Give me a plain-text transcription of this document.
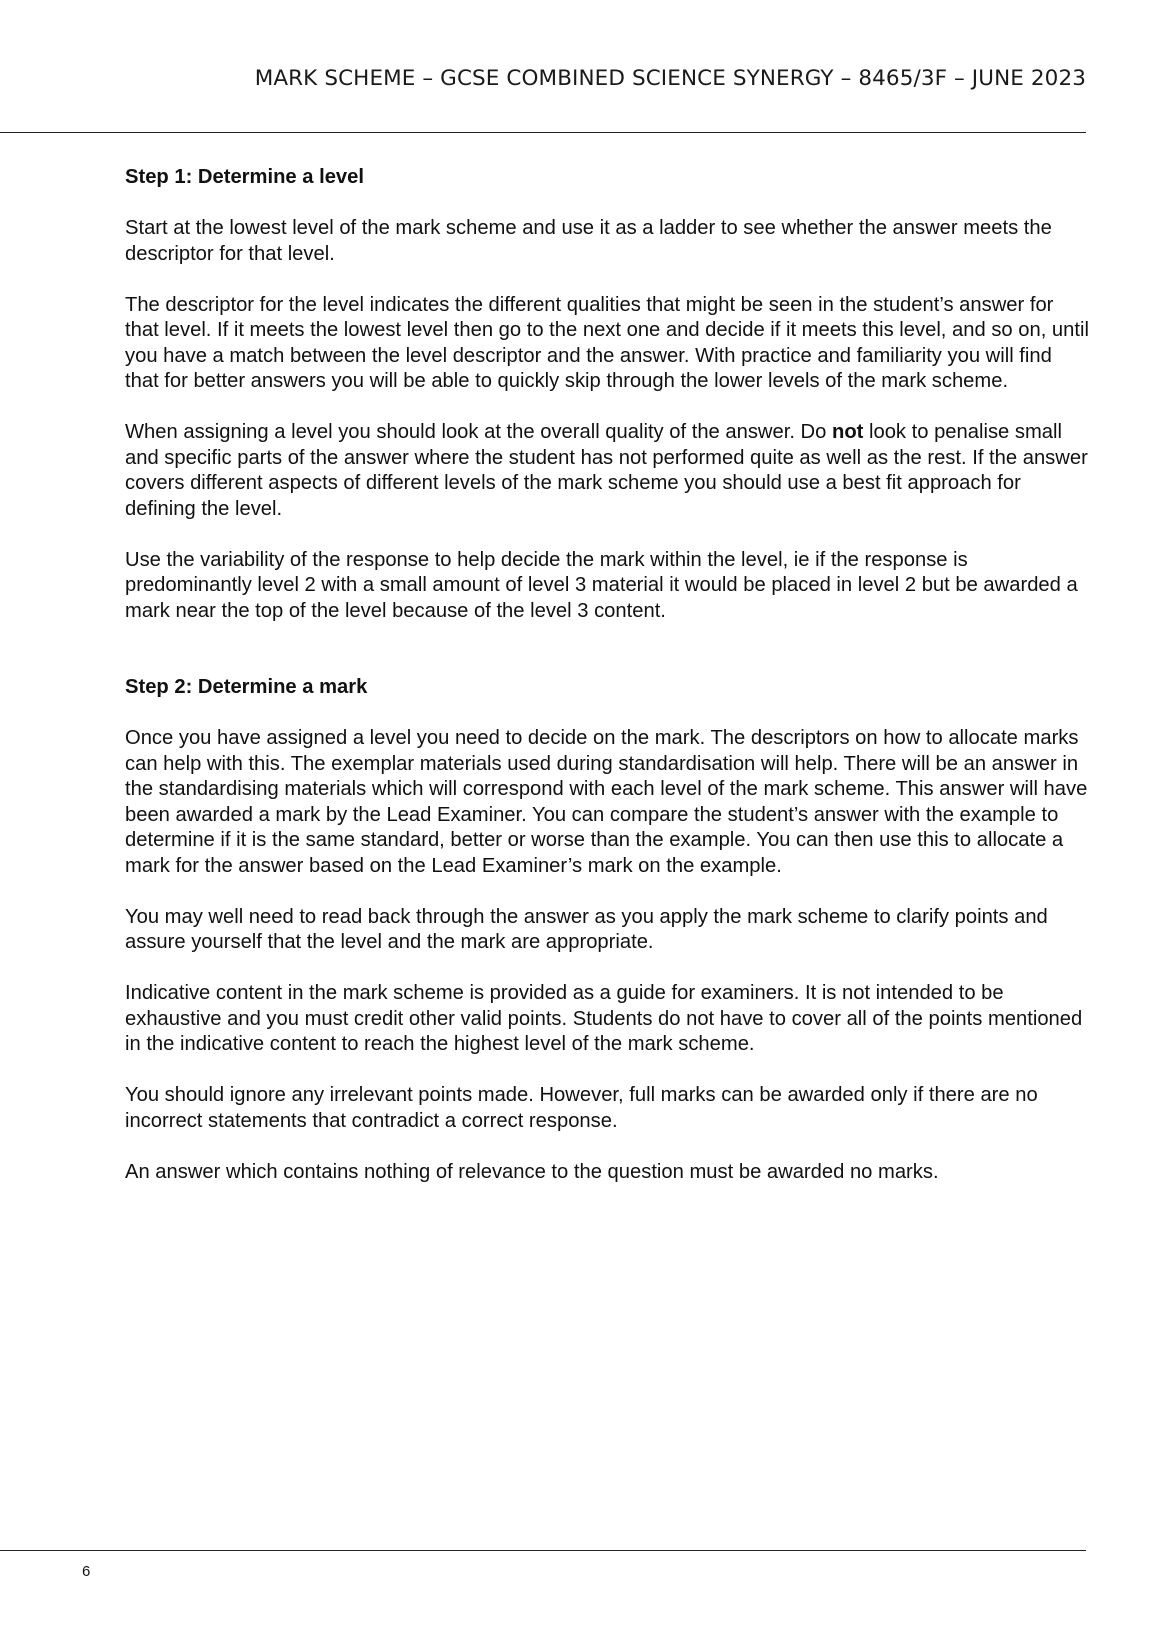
MARK SCHEME – GCSE COMBINED SCIENCE SYNERGY – 8465/3F – JUNE 2023
Step 1: Determine a level

Start at the lowest level of the mark scheme and use it as a ladder to see whether the answer meets the descriptor for that level.

The descriptor for the level indicates the different qualities that might be seen in the student’s answer for that level. If it meets the lowest level then go to the next one and decide if it meets this level, and so on, until you have a match between the level descriptor and the answer. With practice and familiarity you will find that for better answers you will be able to quickly skip through the lower levels of the mark scheme.

When assigning a level you should look at the overall quality of the answer. Do not look to penalise small and specific parts of the answer where the student has not performed quite as well as the rest. If the answer covers different aspects of different levels of the mark scheme you should use a best fit approach for defining the level.

Use the variability of the response to help decide the mark within the level, ie if the response is predominantly level 2 with a small amount of level 3 material it would be placed in level 2 but be awarded a mark near the top of the level because of the level 3 content.

Step 2: Determine a mark

Once you have assigned a level you need to decide on the mark. The descriptors on how to allocate marks can help with this. The exemplar materials used during standardisation will help. There will be an answer in the standardising materials which will correspond with each level of the mark scheme. This answer will have been awarded a mark by the Lead Examiner. You can compare the student’s answer with the example to determine if it is the same standard, better or worse than the example. You can then use this to allocate a mark for the answer based on the Lead Examiner’s mark on the example.

You may well need to read back through the answer as you apply the mark scheme to clarify points and assure yourself that the level and the mark are appropriate.

Indicative content in the mark scheme is provided as a guide for examiners. It is not intended to be exhaustive and you must credit other valid points. Students do not have to cover all of the points mentioned in the indicative content to reach the highest level of the mark scheme.

You should ignore any irrelevant points made. However, full marks can be awarded only if there are no incorrect statements that contradict a correct response.

An answer which contains nothing of relevance to the question must be awarded no marks.

6
